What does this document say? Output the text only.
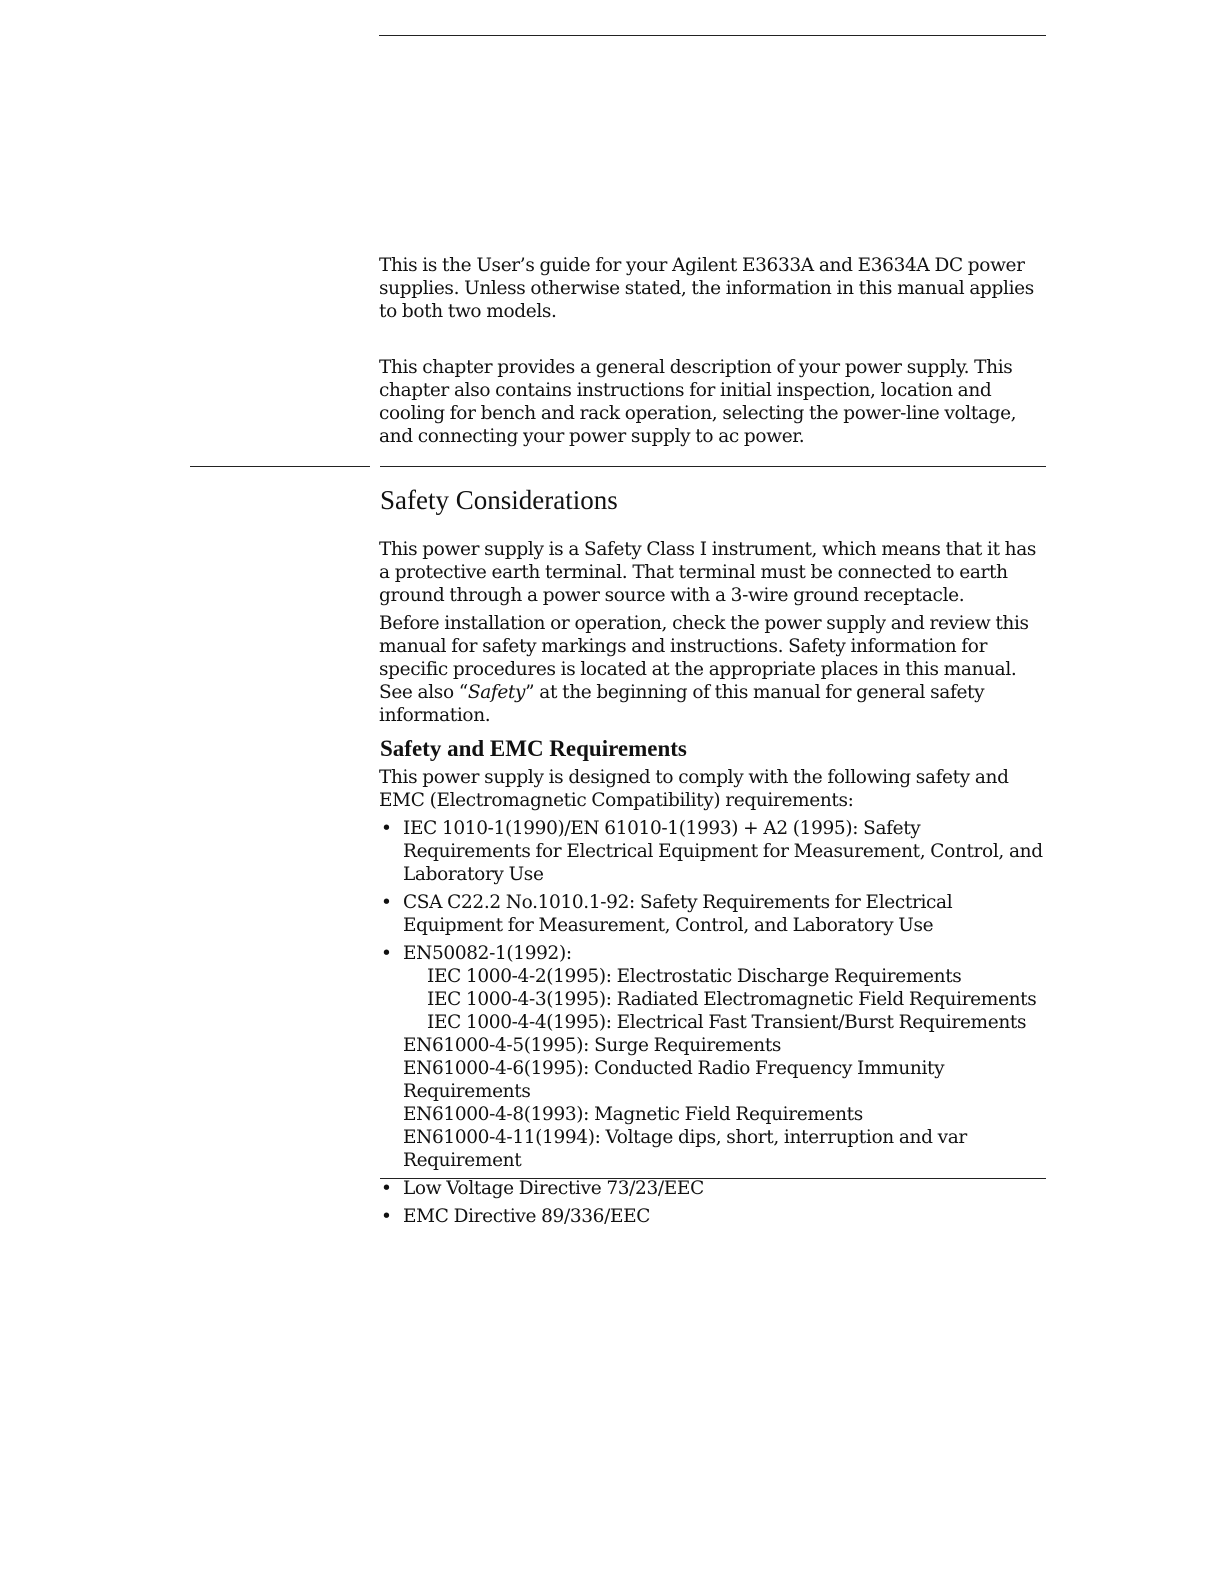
This is the User’s guide for your Agilent E3633A and E3634A DC power supplies. Unless otherwise stated, the information in this manual applies to both two models.

This chapter provides a general description of your power supply. This chapter also contains instructions for initial inspection, location and cooling for bench and rack operation, selecting the power-line voltage, and connecting your power supply to ac power.

Safety Considerations

This power supply is a Safety Class I instrument, which means that it has a protective earth terminal. That terminal must be connected to earth ground through a power source with a 3-wire ground receptacle.

Before installation or operation, check the power supply and review this manual for safety markings and instructions. Safety information for specific procedures is located at the appropriate places in this manual. See also “Safety” at the beginning of this manual for general safety information.

Safety and EMC Requirements

This power supply is designed to comply with the following safety and EMC (Electromagnetic Compatibility) requirements:

• IEC 1010-1(1990)/EN 61010-1(1993) + A2 (1995): Safety Requirements for Electrical Equipment for Measurement, Control, and Laboratory Use
• CSA C22.2 No.1010.1-92: Safety Requirements for Electrical Equipment for Measurement, Control, and Laboratory Use
• EN50082-1(1992):
IEC 1000-4-2(1995): Electrostatic Discharge Requirements
IEC 1000-4-3(1995): Radiated Electromagnetic Field Requirements
IEC 1000-4-4(1995): Electrical Fast Transient/Burst Requirements
EN61000-4-5(1995): Surge Requirements
EN61000-4-6(1995): Conducted Radio Frequency Immunity Requirements
EN61000-4-8(1993): Magnetic Field Requirements
EN61000-4-11(1994): Voltage dips, short, interruption and var Requirement
• Low Voltage Directive 73/23/EEC
• EMC Directive 89/336/EEC
